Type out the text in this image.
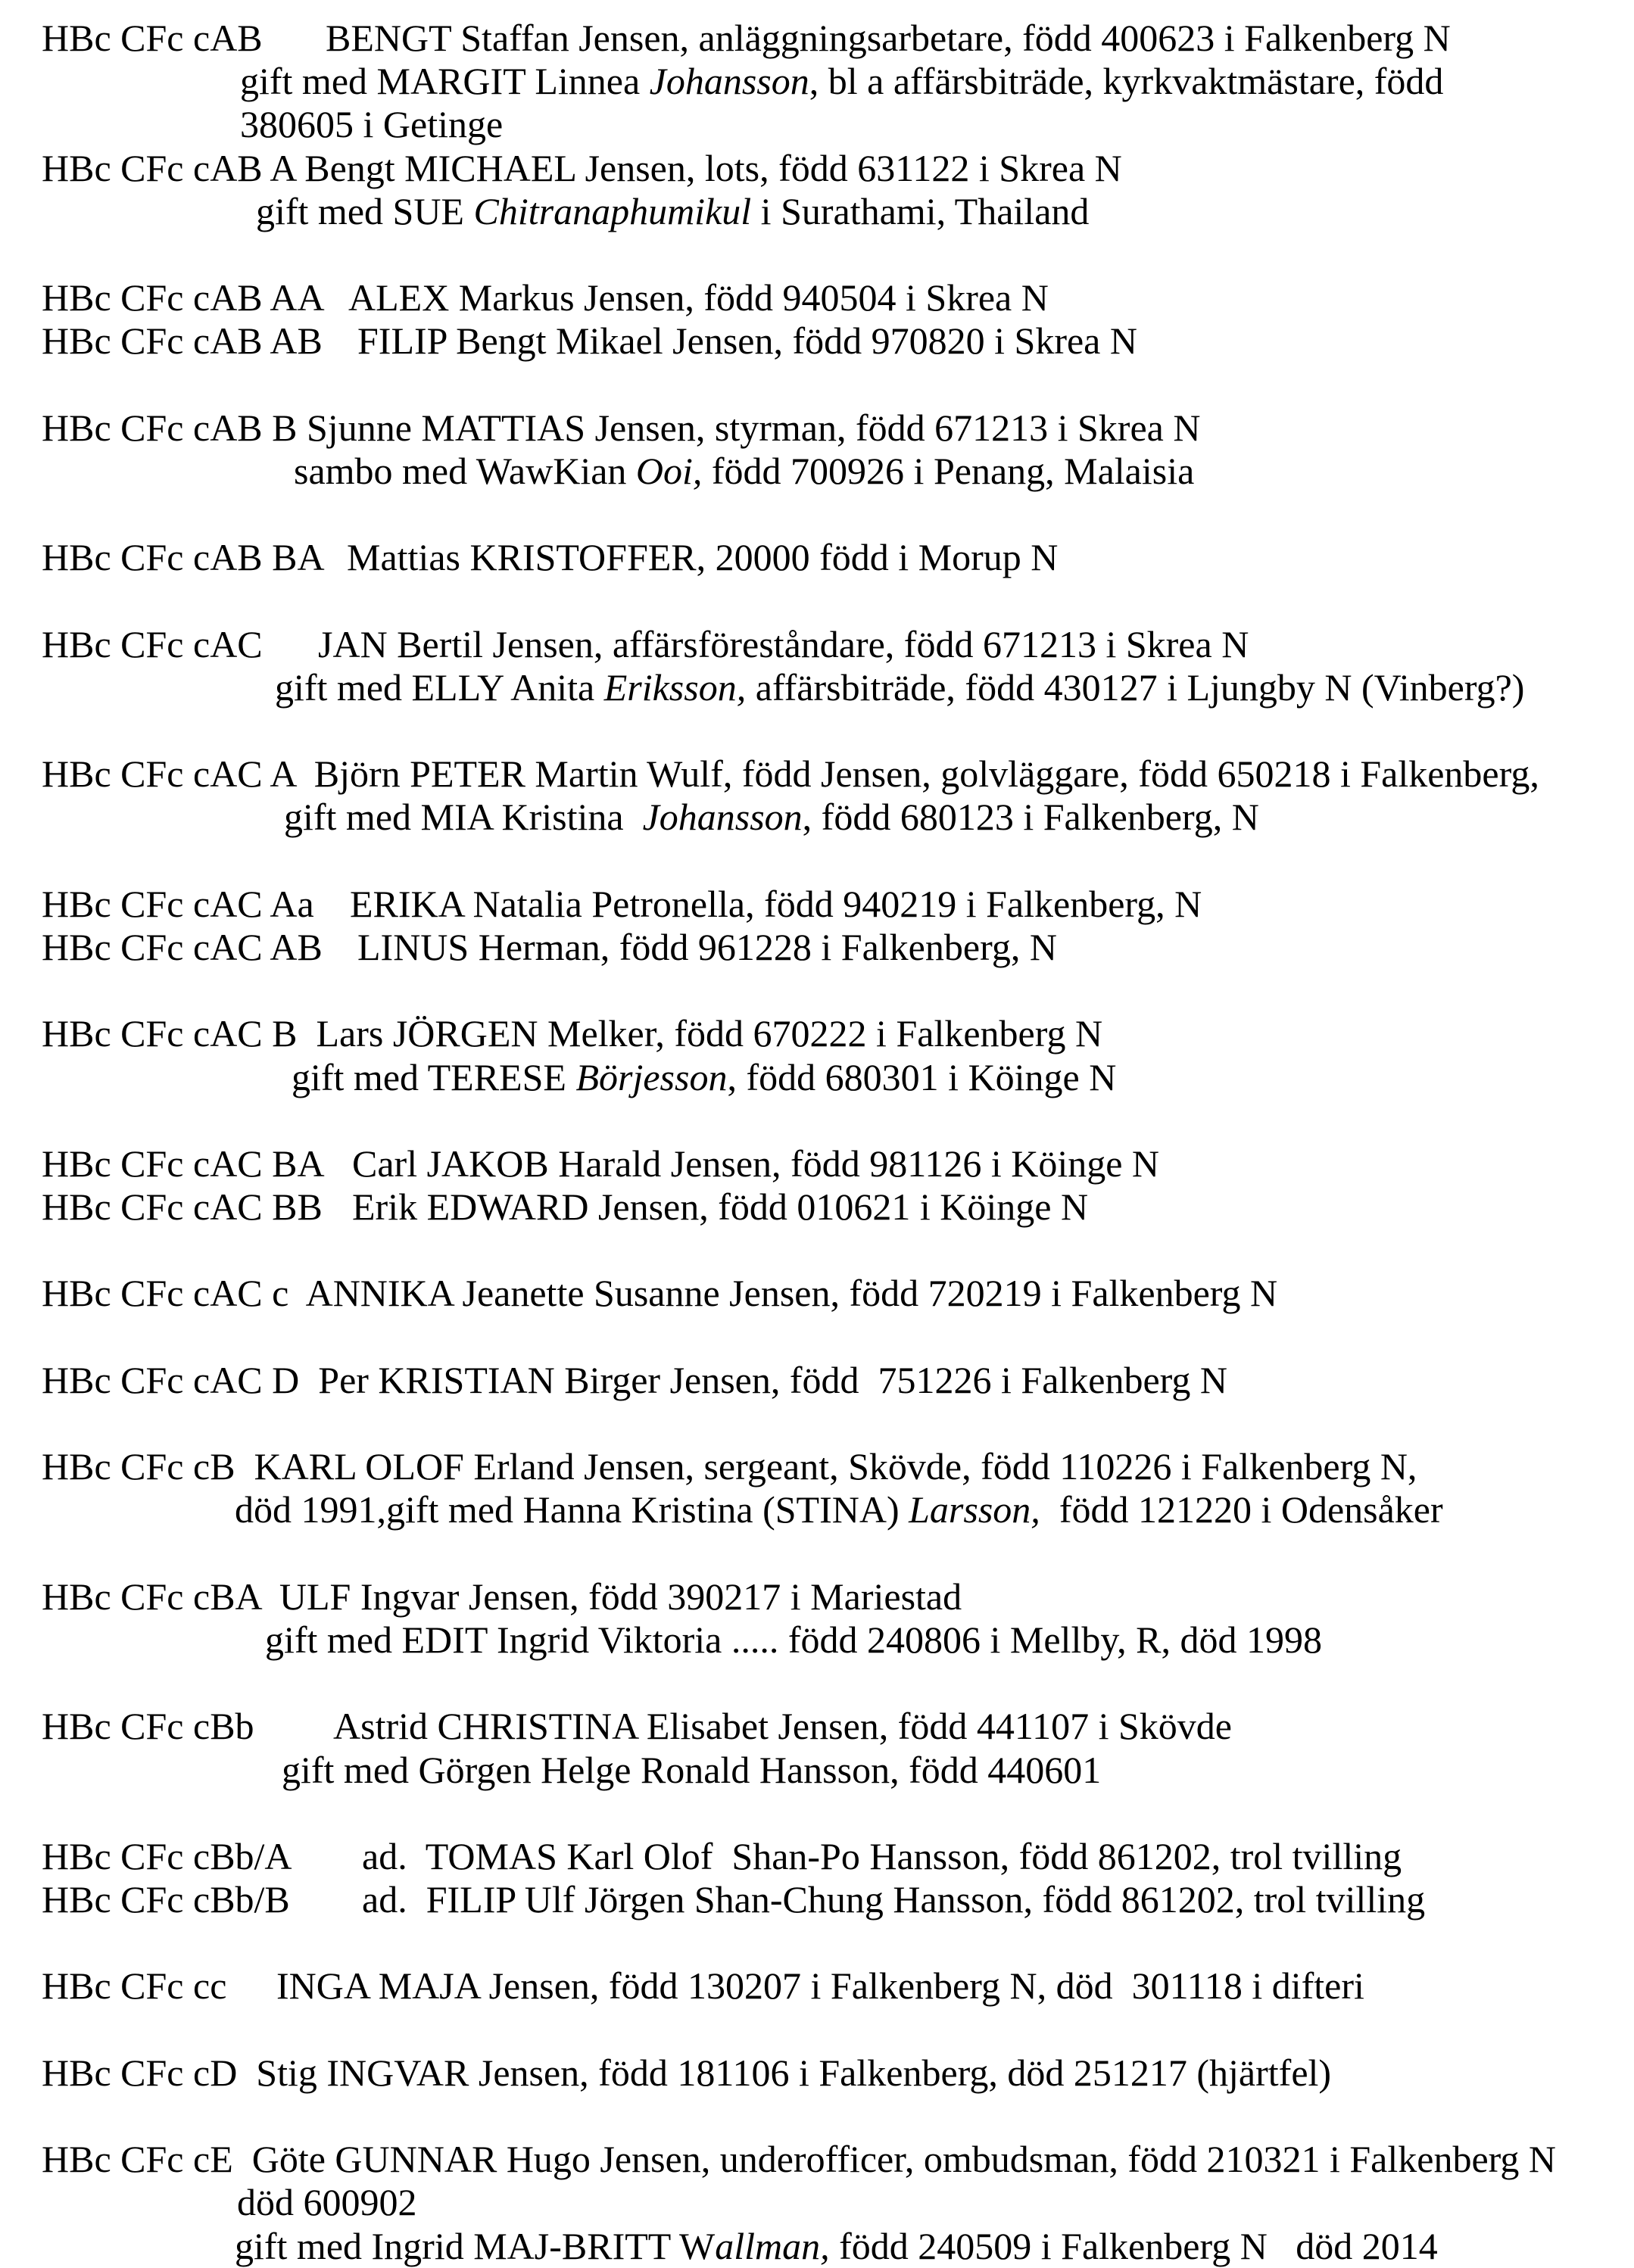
HBc CFc cAB BENGT Staffan Jensen, anläggningsarbetare, född 400623 i Falkenberg N
gift med MARGIT Linnea Johansson, bl a affärsbiträde, kyrkvaktmästare, född
380605 i Getinge
HBc CFc cAB A Bengt MICHAEL Jensen, lots, född 631122 i Skrea N
gift med SUE Chitranaphumikul i Surathami, Thailand
HBc CFc cAB AA ALEX Markus Jensen, född 940504 i Skrea N
HBc CFc cAB AB FILIP Bengt Mikael Jensen, född 970820 i Skrea N
HBc CFc cAB B Sjunne MATTIAS Jensen, styrman, född 671213 i Skrea N
sambo med WawKian Ooi, född 700926 i Penang, Malaisia
HBc CFc cAB BA Mattias KRISTOFFER, 20000 född i Morup N
HBc CFc cAC JAN Bertil Jensen, affärsföreståndare, född 671213 i Skrea N
gift med ELLY Anita Eriksson, affärsbiträde, född 430127 i Ljungby N (Vinberg?)
HBc CFc cAC A  Björn PETER Martin Wulf, född Jensen, golvläggare, född 650218 i Falkenberg,
gift med MIA Kristina  Johansson, född 680123 i Falkenberg, N
HBc CFc cAC Aa ERIKA Natalia Petronella, född 940219 i Falkenberg, N
HBc CFc cAC AB LINUS Herman, född 961228 i Falkenberg, N
HBc CFc cAC B  Lars JÖRGEN Melker, född 670222 i Falkenberg N
gift med TERESE Börjesson, född 680301 i Köinge N
HBc CFc cAC BA Carl JAKOB Harald Jensen, född 981126 i Köinge N
HBc CFc cAC BB Erik EDWARD Jensen, född 010621 i Köinge N
HBc CFc cAC c  ANNIKA Jeanette Susanne Jensen, född 720219 i Falkenberg N
HBc CFc cAC D  Per KRISTIAN Birger Jensen, född  751226 i Falkenberg N
HBc CFc cB  KARL OLOF Erland Jensen, sergeant, Skövde, född 110226 i Falkenberg N,
död 1991,gift med Hanna Kristina (STINA) Larsson,  född 121220 i Odensåker
HBc CFc cBA  ULF Ingvar Jensen, född 390217 i Mariestad
gift med EDIT Ingrid Viktoria ..... född 240806 i Mellby, R, död 1998
HBc CFc cBb Astrid CHRISTINA Elisabet Jensen, född 441107 i Skövde
gift med Görgen Helge Ronald Hansson, född 440601
HBc CFc cBb/A ad.  TOMAS Karl Olof  Shan-Po Hansson, född 861202, trol tvilling
HBc CFc cBb/B ad.  FILIP Ulf Jörgen Shan-Chung Hansson, född 861202, trol tvilling
HBc CFc cc INGA MAJA Jensen, född 130207 i Falkenberg N, död  301118 i difteri
HBc CFc cD  Stig INGVAR Jensen, född 181106 i Falkenberg, död 251217 (hjärtfel)
HBc CFc cE  Göte GUNNAR Hugo Jensen, underofficer, ombudsman, född 210321 i Falkenberg N
död 600902
gift med Ingrid MAJ-BRITT Wallman, född 240509 i Falkenberg N   död 2014
